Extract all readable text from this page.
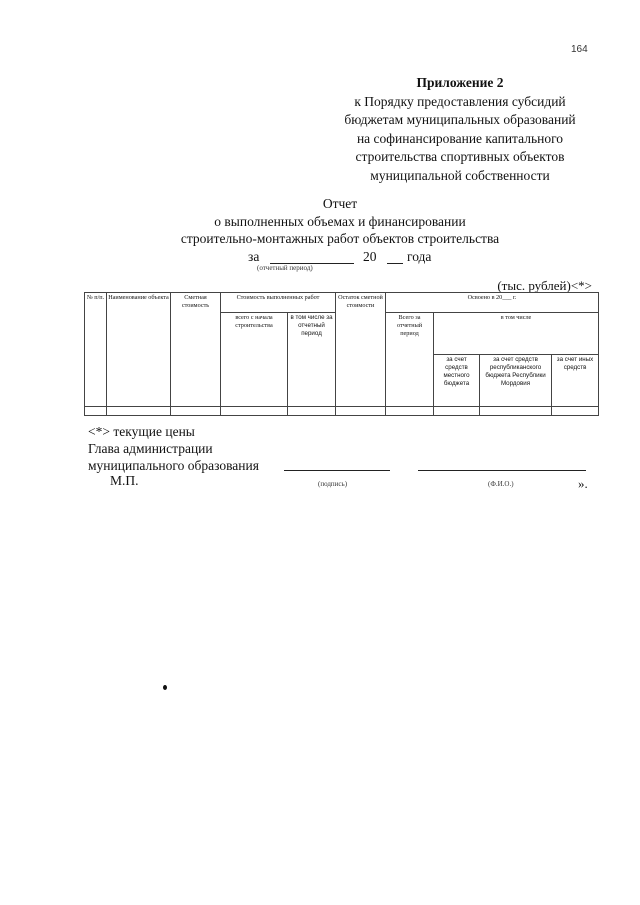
164
Приложение 2
к Порядку предоставления субсидий
бюджетам муниципальных образований
на софинансирование капитального
строительства спортивных объектов
муниципальной собственности
Отчет
о выполненных объемах и финансировании
строительно-монтажных работ объектов строительства
за	20 года
(отчетный период)
(тыс. рублей)<*>
№ п/п.	Наименование объекта	Сметная стоимость	Стоимость выполненных работ		Остаток сметной стоимости	Освоено в 20___ г.			
			всего с начала строительства	в том числе за отчетный период		Всего за отчетный период	в том числе		
							за счет средств местного бюджета	за счет средств республиканского бюджета Республики Мордовия	за счет иных средств

<*> текущие цены
Глава администрации
муниципального образования
М.П.	(подпись)	(Ф.И.О.)	».
